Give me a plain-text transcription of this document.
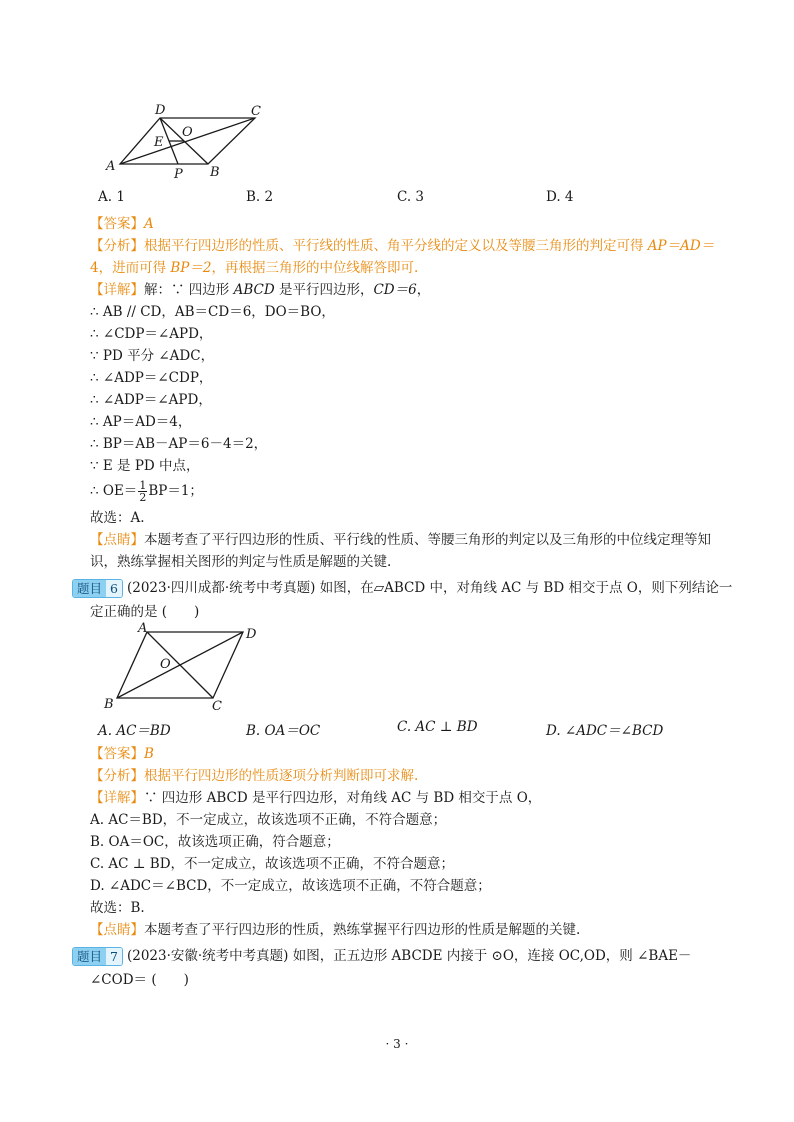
A	B
C
D
E
O
P
A. 1	B. 2	C. 3	D. 4
【答案】A
【分析】根据平行四边形的性质、平行线的性质、角平分线的定义以及等腰三角形的判定可得 AP＝AD＝
4，进而可得 BP＝2，再根据三角形的中位线解答即可.
【详解】解：∵ 四边形 ABCD 是平行四边形，CD＝6，
∴ AB // CD，AB＝CD＝6，DO＝BO，
∴ ∠CDP＝∠APD，
∵ PD 平分 ∠ADC，
∴ ∠ADP＝∠CDP，
∴ ∠ADP＝∠APD，
∴ AP＝AD＝4，
∴ BP＝AB－AP＝6－4＝2，
∵ E 是 PD 中点，
∴ $OE= \frac{1}{2} BP=1$；
故选：A.
【点睛】本题考查了平行四边形的性质、平行线的性质、等腰三角形的判定以及三角形的中位线定理等知
识，熟练掌握相关图形的判定与性质是解题的关键.
题目 6 (2023·四川成都·统考中考真题) 如图，在▱ABCD 中，对角线 AC 与 BD 相交于点 O，则下列结论一
定正确的是 (　　)
A
B	C
D
O
A. AC＝BD	B. OA＝OC	C. AC ⊥ BD	D. ∠ADC＝∠BCD
【答案】B
【分析】根据平行四边形的性质逐项分析判断即可求解.
【详解】∵ 四边形 ABCD 是平行四边形，对角线 AC 与 BD 相交于点 O，
A. AC＝BD，不一定成立，故该选项不正确，不符合题意；
B. OA＝OC，故该选项正确，符合题意；
C. AC ⊥ BD，不一定成立，故该选项不正确，不符合题意；
D. ∠ADC＝∠BCD，不一定成立，故该选项不正确，不符合题意；
故选：B.
【点睛】本题考查了平行四边形的性质，熟练掌握平行四边形的性质是解题的关键.
题目 7 (2023·安徽·统考中考真题) 如图，正五边形 ABCDE 内接于 ⊙O，连接 OC,OD，则 ∠BAE－
∠COD＝ (　　)
· 3 ·
